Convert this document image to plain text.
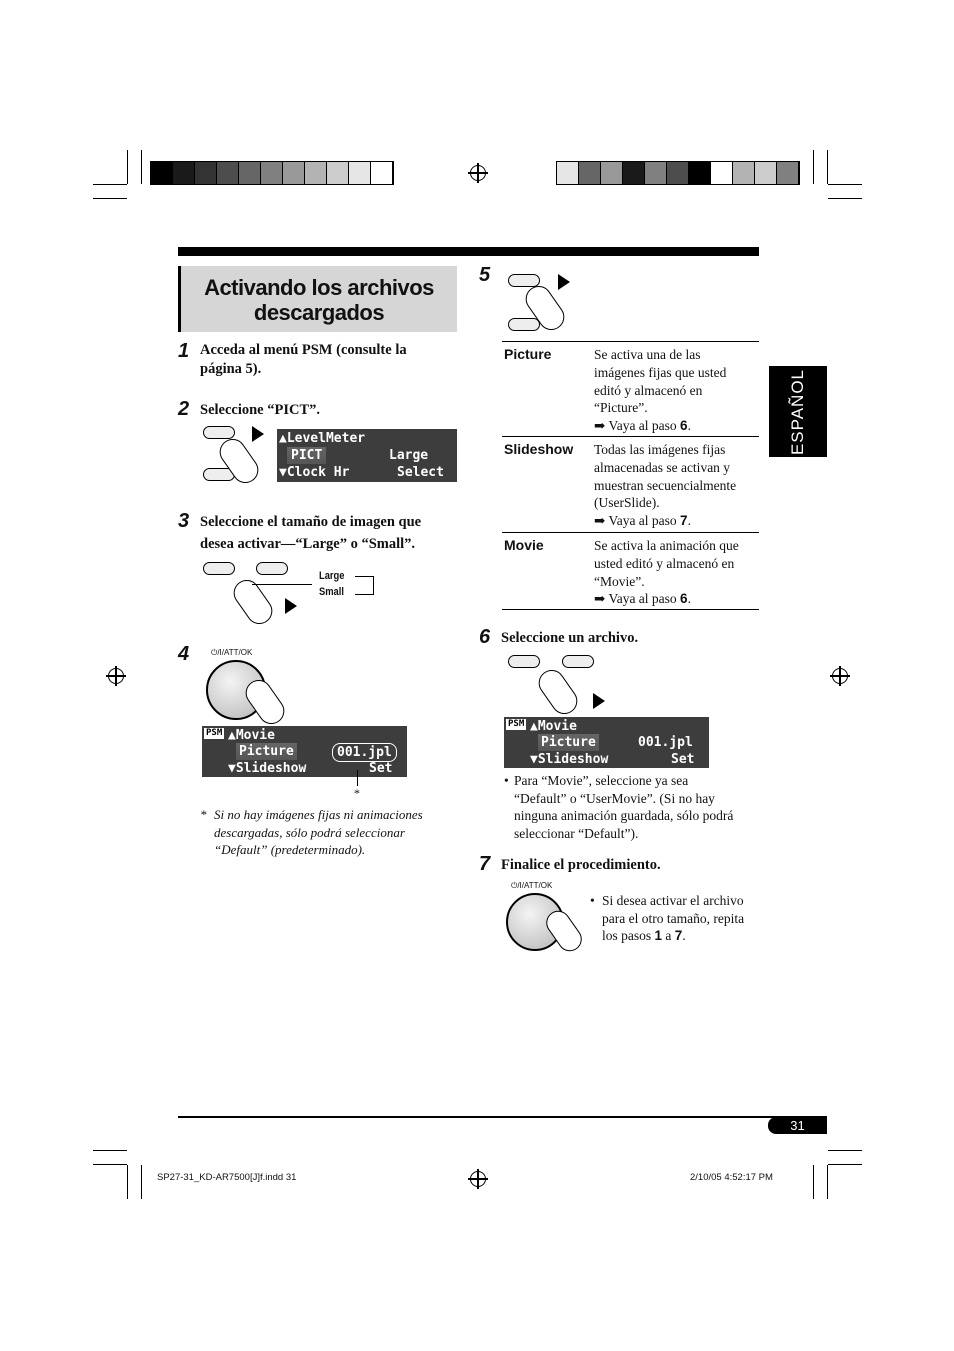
Activando los archivos
descargados
ESPAÑOL
1 Acceda al menú PSM (consulte la
página 5).
2 Seleccione “PICT”.
▲LevelMeter
PICT
▼Clock Hr
Large
Select
3 Seleccione el tamaño de imagen que
desea activar—“Large” o “Small”.
Large
Small
4	⏻/I/ATT/OK
PSM ▲Movie
Picture
▼Slideshow
001.jpl
Set
*
* Si no hay imágenes fijas ni animaciones
descargadas, sólo podrá seleccionar
“Default” (predeterminado).
5
Picture	Se activa una de las
imágenes fijas que usted
editó y almacenó en
“Picture”.
➡ Vaya al paso 6.
Slideshow Todas las imágenes fijas
almacenadas se activan y
muestran secuencialmente
(UserSlide).
➡ Vaya al paso 7.
Movie	Se activa la animación que
usted editó y almacenó en
“Movie”.
➡ Vaya al paso 6.
6 Seleccione un archivo.
PSM ▲Movie
Picture
▼Slideshow
001.jpl
Set
• Para “Movie”, seleccione ya sea
“Default” o “UserMovie”. (Si no hay
ninguna animación guardada, sólo podrá
seleccionar “Default”).
7 Finalice el procedimiento.
⏻/I/ATT/OK
• Si desea activar el archivo
para el otro tamaño, repita
los pasos 1 a 7.
31
SP27-31_KD-AR7500[J]f.indd 31	2/10/05 4:52:17 PM
